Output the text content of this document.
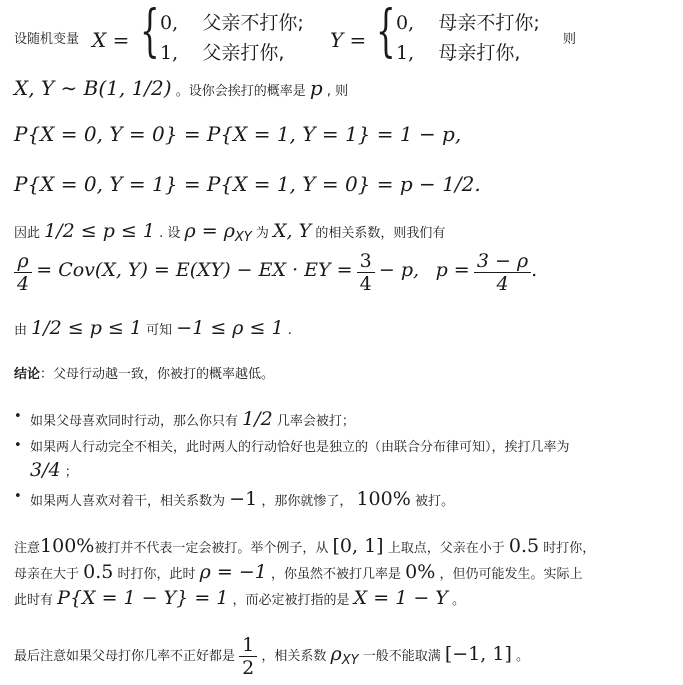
设随机变量 X = { 0, 父亲不打你;
1, 父亲打你,
Y = { 0, 母亲不打你;
1, 母亲打你,
则
X, Y ∼ B(1, 1/2) 。设你会挨打的概率是 p , 则
P{X = 0, Y = 0} = P{X = 1, Y = 1} = 1 − p,
P{X = 0, Y = 1} = P{X = 1, Y = 0} = p − 1/2.
因此 1/2 ≤ p ≤ 1 . 设 ρ = ρXY 为 X, Y 的相关系数，则我们有
$\frac{\rho}{4} = Cov(X$, Y) = E(XY) − EX · EY = $\frac{3}{4} - p$, $p = \frac{3 - \rho}{4}$ .
由 1/2 ≤ p ≤ 1 可知 −1 ≤ ρ ≤ 1 .
结论：父母行动越一致，你被打的概率越低。
• 如果父母喜欢同时行动，那么你只有 1/2 几率会被打；
• 如果两人行动完全不相关，此时两人的行动恰好也是独立的（由联合分布律可知），挨打几率为
3/4 ；
• 如果两人喜欢对着干，相关系数为 −1 ，那你就惨了， 100% 被打。
注意100%被打并不代表一定会被打。举个例子，从 [0, 1] 上取点，父亲在小于 0.5 时打你，
母亲在大于 0.5 时打你，此时 ρ = −1 ，你虽然不被打几率是 0% ，但仍可能发生。实际上
此时有 P{X = 1 − Y} = 1 ，而必定被打指的是 X = 1 − Y 。
最后注意如果父母打你几率不正好都是 $\frac{1}{2}$ ，相关系数 ρXY 一般不能取满 [−1, 1] 。
